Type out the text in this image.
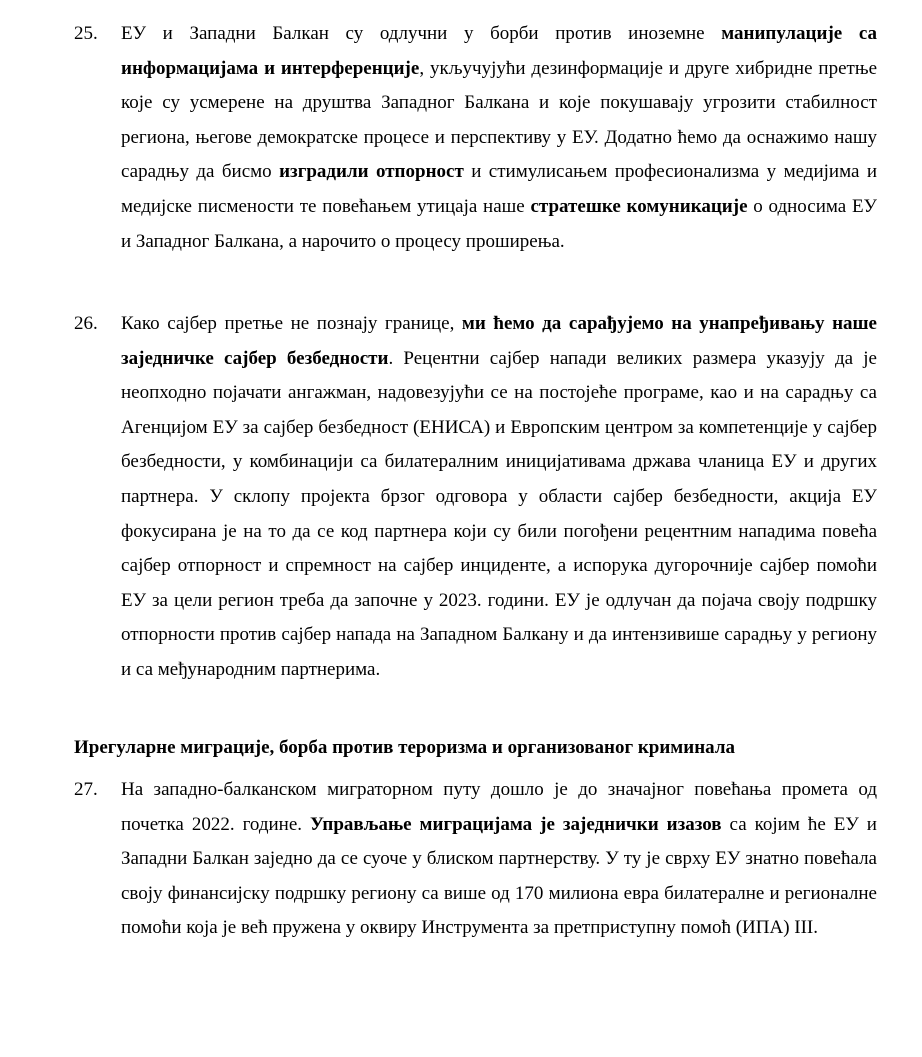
25.	ЕУ и Западни Балкан су одлучни у борби против иноземне манипулације са информацијама и интерференције, укључујући дезинформације и друге хибридне претње које су усмерене на друштва Западног Балкана и које покушавају угрозити стабилност региона, његове демократске процесе и перспективу у ЕУ. Додатно ћемо да оснажимо нашу сарадњу да бисмо изградили отпорност и стимулисањем професионализма у медијима и медијске писмености те повећањем утицаја наше стратешке комуникације о односима ЕУ и Западног Балкана, а нарочито о процесу проширења.
26.	Како сајбер претње не познају границе, ми ћемо да сарађујемо на унапређивању наше заједничке сајбер безбедности. Рецентни сајбер напади великих размера указују да је неопходно појачати ангажман, надовезујући се на постојеће програме, као и на сарадњу са Агенцијом ЕУ за сајбер безбедност (ЕНИСА) и Европским центром за компетенције у сајбер безбедности, у комбинацији са билатералним иницијативама држава чланица ЕУ и других партнера. У склопу пројекта брзог одговора у области сајбер безбедности, акција ЕУ фокусирана је на то да се код партнера који су били погођени рецентним нападима повећа сајбер отпорност и спремност на сајбер инциденте, а испорука дугорочније сајбер помоћи ЕУ за цели регион треба да започне у 2023. години. ЕУ је одлучан да појача своју подршку отпорности против сајбер напада на Западном Балкану и да интензивише сарадњу у региону и са међународним партнерима.
Ирегуларне миграције, борба против тероризма и организованог криминала
27.	На западно-балканском миграторном путу дошло је до значајног повећања промета од почетка 2022. године. Управљање миграцијама је заједнички изазов са којим ће ЕУ и Западни Балкан заједно да се суоче у блиском партнерству. У ту је сврху ЕУ знатно повећала своју финансијску подршку региону са више од 170 милиона евра билатералне и регионалне помоћи која је већ пружена у оквиру Инструмента за претприступну помоћ (ИПА) III.
